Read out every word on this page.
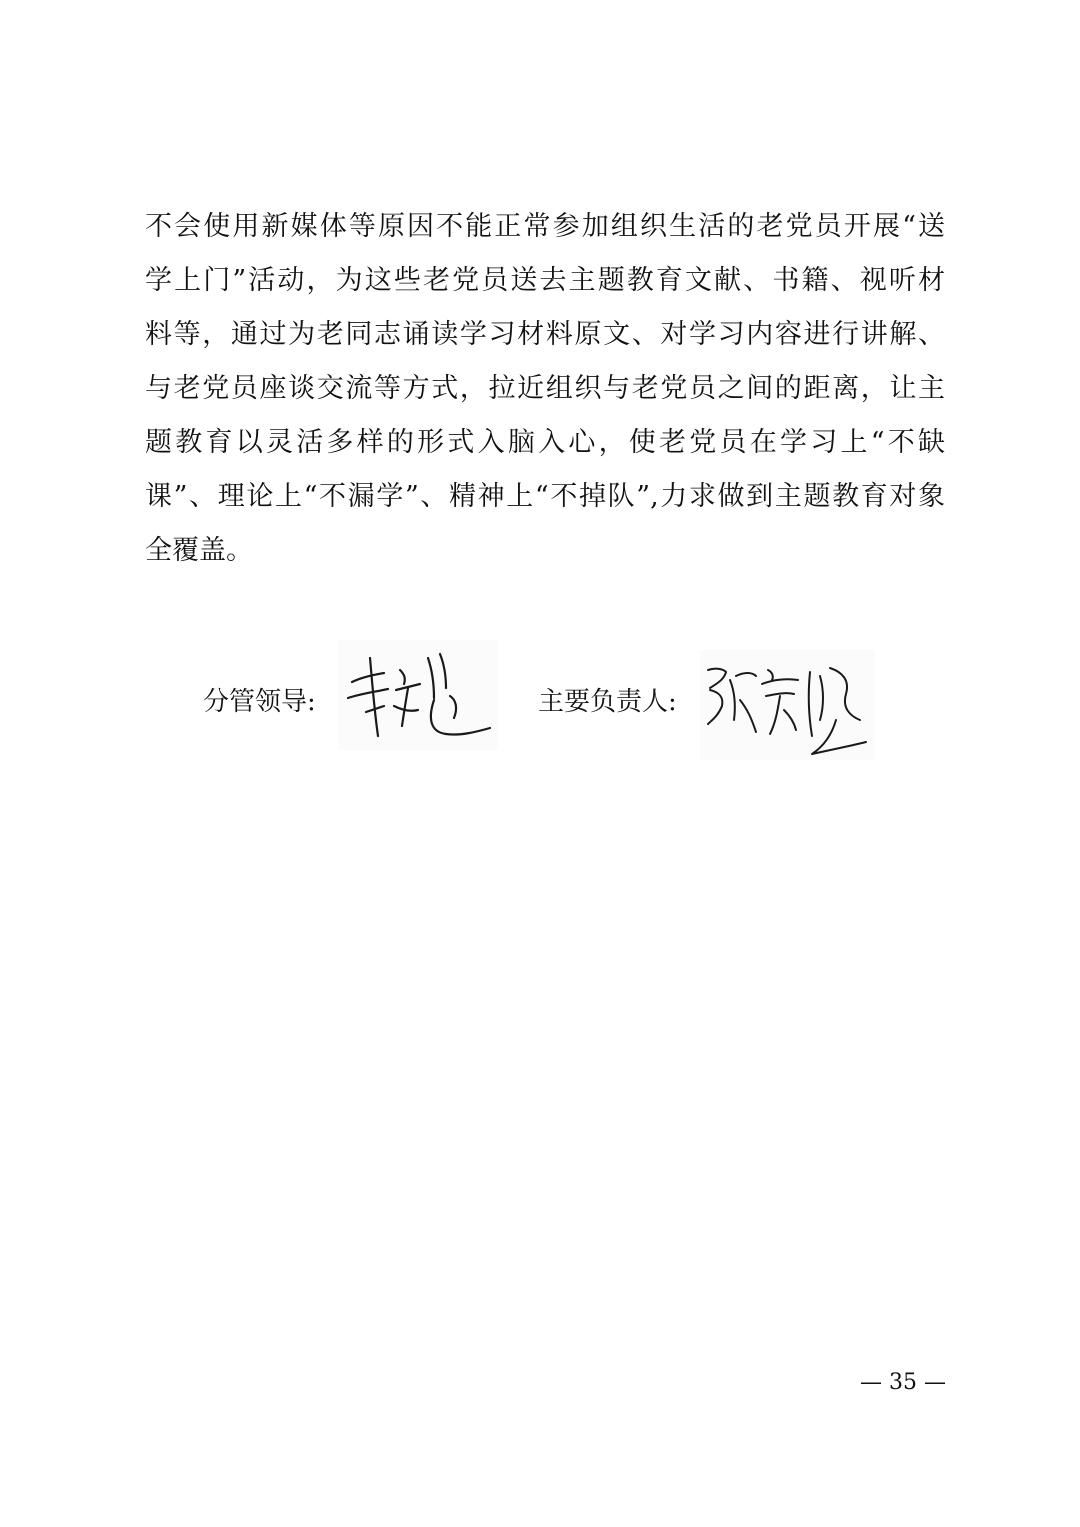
不会使用新媒体等原因不能正常参加组织生活的老党员开展“送
学上门”活动，为这些老党员送去主题教育文献、书籍、视听材
料等，通过为老同志诵读学习材料原文、对学习内容进行讲解、
与老党员座谈交流等方式，拉近组织与老党员之间的距离，让主
题教育以灵活多样的形式入脑入心，使老党员在学习上“不缺
课”、理论上“不漏学”、精神上“不掉队”,力求做到主题教育对象
全覆盖。
分管领导:	主要负责人:
— 35 —
